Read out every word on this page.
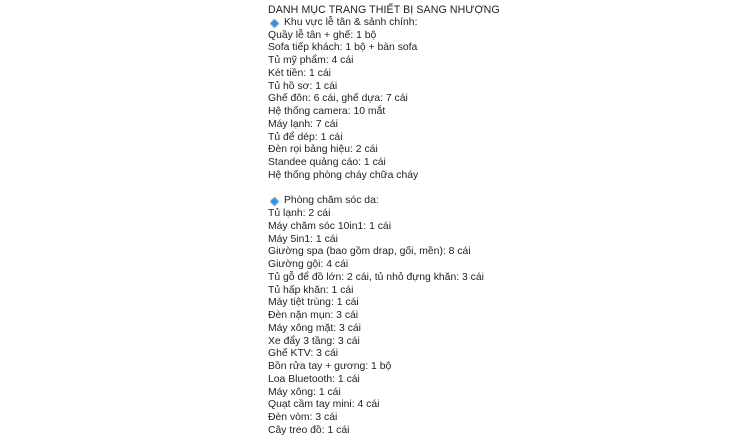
DANH MỤC TRANG THIẾT BỊ SANG NHƯỢNG
Khu vực lễ tân & sảnh chính:
Quầy lễ tân + ghế: 1 bộ
Sofa tiếp khách: 1 bộ + bàn sofa
Tủ mỹ phẩm: 4 cái
Két tiền: 1 cái
Tủ hồ sơ: 1 cái
Ghế đôn: 6 cái, ghế dựa: 7 cái
Hệ thống camera: 10 mắt
Máy lạnh: 7 cái
Tủ để dép: 1 cái
Đèn rọi bảng hiệu: 2 cái
Standee quảng cáo: 1 cái
Hệ thống phòng cháy chữa cháy
Phòng chăm sóc da:
Tủ lạnh: 2 cái
Máy chăm sóc 10in1: 1 cái
Máy 5in1: 1 cái
Giường spa (bao gồm drap, gối, mền): 8 cái
Giường gội: 4 cái
Tủ gỗ để đồ lớn: 2 cái, tủ nhỏ đựng khăn: 3 cái
Tủ hấp khăn: 1 cái
Máy tiệt trùng: 1 cái
Đèn nặn mụn: 3 cái
Máy xông mặt: 3 cái
Xe đẩy 3 tầng: 3 cái
Ghế KTV: 3 cái
Bồn rửa tay + gương: 1 bộ
Loa Bluetooth: 1 cái
Máy xông: 1 cái
Quạt cầm tay mini: 4 cái
Đèn vòm: 3 cái
Cây treo đồ: 1 cái
